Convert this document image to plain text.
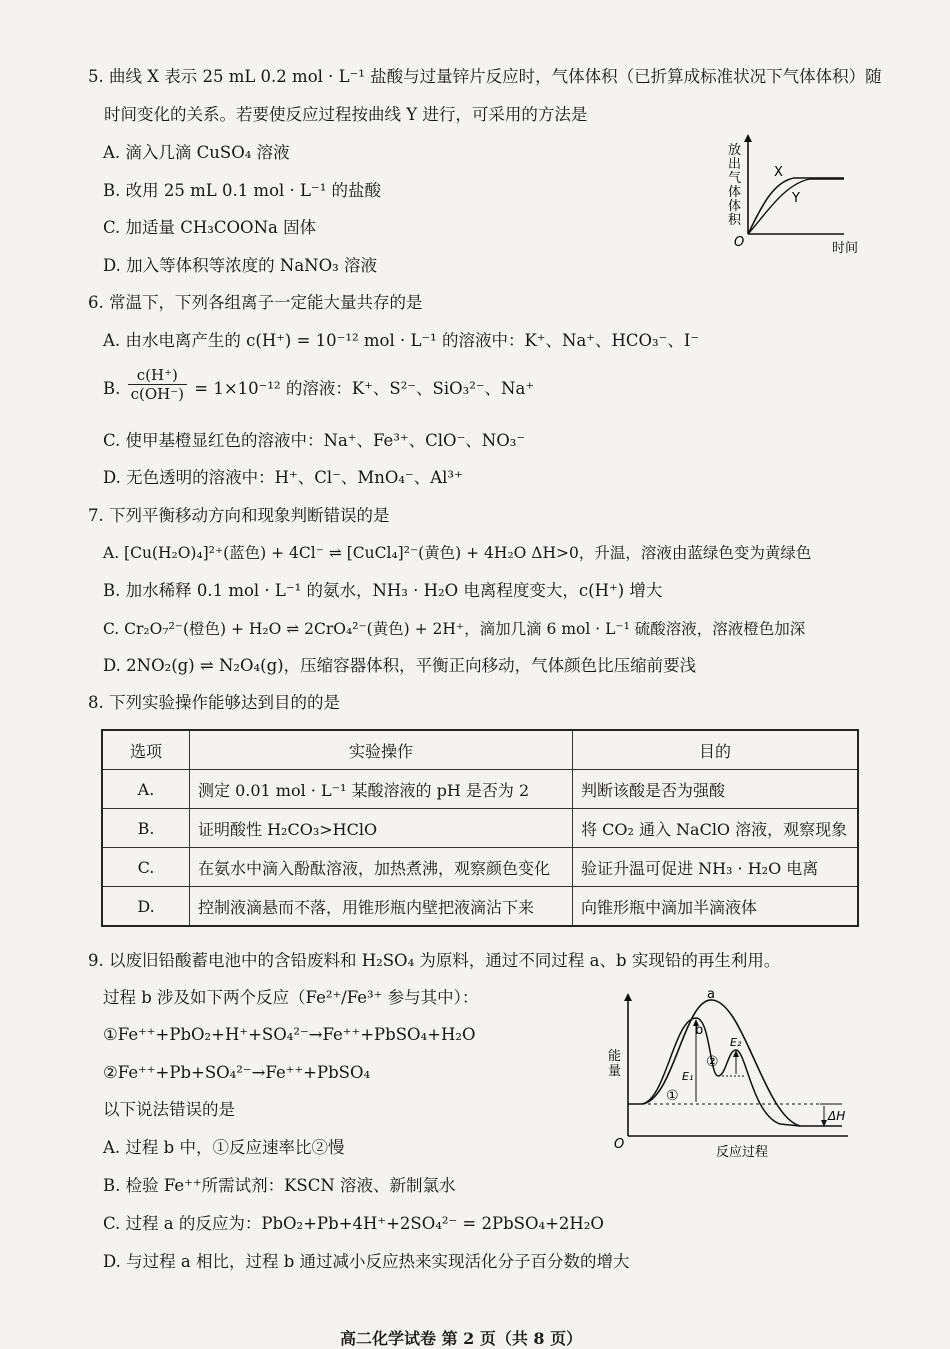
5. 曲线 X 表示 25 mL 0.2 mol · L⁻¹ 盐酸与过量锌片反应时，气体体积（已折算成标准状况下气体体积）随
时间变化的关系。若要使反应过程按曲线 Y 进行，可采用的方法是
A. 滴入几滴 CuSO₄ 溶液
B. 改用 25 mL 0.1 mol · L⁻¹ 的盐酸
C. 加适量 CH₃COONa 固体
D. 加入等体积等浓度的 NaNO₃ 溶液
放出气体体积
X
Y
O	时间
6. 常温下，下列各组离子一定能大量共存的是
A. 由水电离产生的 c(H⁺) = 10⁻¹² mol · L⁻¹ 的溶液中：K⁺、Na⁺、HCO₃⁻、I⁻
B. $\frac{c(H^+)}{c(OH^-)} = 1\times 10^{-12}$ 的溶液：K⁺、S²⁻、SiO₃²⁻、Na⁺
C. 使甲基橙显红色的溶液中：Na⁺、Fe³⁺、ClO⁻、NO₃⁻
D. 无色透明的溶液中：H⁺、Cl⁻、MnO₄⁻、Al³⁺
7. 下列平衡移动方向和现象判断错误的是
A. [Cu(H₂O)₄]²⁺(蓝色) + 4Cl⁻ ⇌ [CuCl₄]²⁻(黄色) + 4H₂O ΔH>0，升温，溶液由蓝绿色变为黄绿色
B. 加水稀释 0.1 mol · L⁻¹ 的氨水，NH₃ · H₂O 电离程度变大，c(H⁺) 增大
C. Cr₂O₇²⁻(橙色) + H₂O ⇌ 2CrO₄²⁻(黄色) + 2H⁺，滴加几滴 6 mol · L⁻¹ 硫酸溶液，溶液橙色加深
D. 2NO₂(g) ⇌ N₂O₄(g)，压缩容器体积，平衡正向移动，气体颜色比压缩前要浅
8. 下列实验操作能够达到目的的是
选项	实验操作	目的
A.	测定 0.01 mol · L⁻¹ 某酸溶液的 pH 是否为 2	判断该酸是否为强酸
B.	证明酸性 H₂CO₃>HClO	将 CO₂ 通入 NaClO 溶液，观察现象
C.	在氨水中滴入酚酞溶液，加热煮沸，观察颜色变化	验证升温可促进 NH₃ · H₂O 电离
D.	控制液滴悬而不落，用锥形瓶内壁把液滴沾下来	向锥形瓶中滴加半滴液体
9. 以废旧铅酸蓄电池中的含铅废料和 H₂SO₄ 为原料，通过不同过程 a、b 实现铅的再生利用。
过程 b 涉及如下两个反应（Fe²⁺/Fe³⁺ 参与其中）：
①Fe⁺⁺+PbO₂+H⁺+SO₄²⁻→Fe⁺⁺+PbSO₄+H₂O
②Fe⁺⁺+Pb+SO₄²⁻→Fe⁺⁺+PbSO₄
以下说法错误的是
A. 过程 b 中，①反应速率比②慢
B. 检验 Fe⁺⁺所需试剂：KSCN 溶液、新制氯水
C. 过程 a 的反应为：PbO₂+Pb+4H⁺+2SO₄²⁻ = 2PbSO₄+2H₂O
D. 与过程 a 相比，过程 b 通过减小反应热来实现活化分子百分数的增大
a
b
①
②
E₁
E₂
ΔH
能量
O
反应过程
高二化学试卷 第 2 页（共 8 页）
